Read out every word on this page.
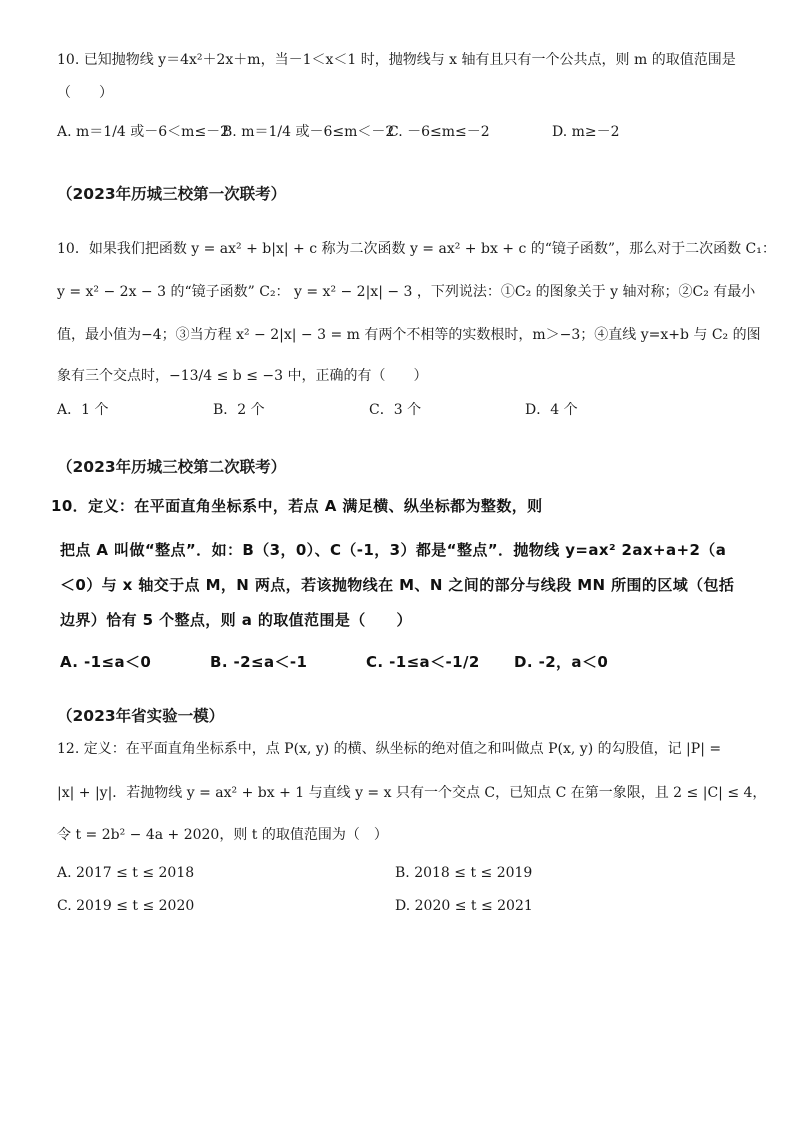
10. 已知抛物线 y＝4x²＋2x＋m，当－1＜x＜1 时，抛物线与 x 轴有且只有一个公共点，则 m 的取值范围是
（　　）
A. m＝1/4 或－6＜m≤－2
B. m＝1/4 或－6≤m＜－2
C. －6≤m≤－2	D. m≥－2
（2023年历城三校第一次联考）
10．如果我们把函数 y = ax² + b|x| + c 称为二次函数 y = ax² + bx + c 的“镜子函数”，那么对于二次函数 C₁：
y = x² − 2x − 3 的“镜子函数” C₂： y = x² − 2|x| − 3 ，下列说法：①C₂ 的图象关于 y 轴对称；②C₂ 有最小
值，最小值为−4；③当方程 x² − 2|x| − 3 = m 有两个不相等的实数根时，m＞−3；④直线 y=x+b 与 C₂ 的图
象有三个交点时，−13/4 ≤ b ≤ −3 中，正确的有（　　）
A．1 个	B．2 个	C．3 个	D．4 个
（2023年历城三校第二次联考）
10．定义：在平面直角坐标系中，若点 A 满足横、纵坐标都为整数，则
把点 A 叫做“整点”．如：B（3，0）、C（-1，3）都是“整点”．抛物线 y=ax² 2ax+a+2（a
＜0）与 x 轴交于点 M，N 两点，若该抛物线在 M、N 之间的部分与线段 MN 所围的区域（包括
边界）恰有 5 个整点，则 a 的取值范围是（　　）
A. -1≤a＜0	B. -2≤a＜-1	C. -1≤a＜-1/2 D. -2，a＜0
（2023年省实验一模）
12. 定义：在平面直角坐标系中，点 P(x, y) 的横、纵坐标的绝对值之和叫做点 P(x, y) 的勾股值，记 |P| =
|x| + |y|．若抛物线 y = ax² + bx + 1 与直线 y = x 只有一个交点 C，已知点 C 在第一象限，且 2 ≤ |C| ≤ 4，
令 t = 2b² − 4a + 2020，则 t 的取值范围为（　）
A. 2017 ≤ t ≤ 2018	B. 2018 ≤ t ≤ 2019
C. 2019 ≤ t ≤ 2020	D. 2020 ≤ t ≤ 2021
